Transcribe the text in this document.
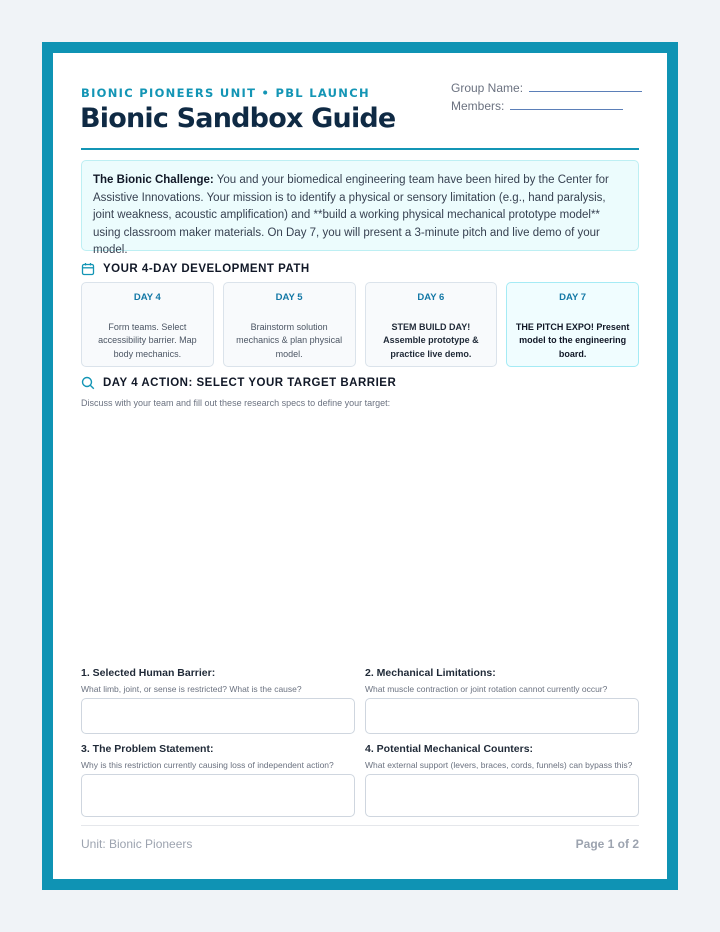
BIONIC PIONEERS UNIT • PBL LAUNCH
Bionic Sandbox Guide
Group Name:
Members:
The Bionic Challenge: You and your biomedical engineering team have been hired by the Center for Assistive Innovations. Your mission is to identify a physical or sensory limitation (e.g., hand paralysis, joint weakness, acoustic amplification) and **build a working physical mechanical prototype model** using classroom maker materials. On Day 7, you will present a 3-minute pitch and live demo of your model.
YOUR 4-DAY DEVELOPMENT PATH
DAY 4
Form teams. Select accessibility barrier. Map body mechanics.
DAY 5
Brainstorm solution mechanics & plan physical model.
DAY 6
STEM BUILD DAY! Assemble prototype & practice live demo.
DAY 7
THE PITCH EXPO! Present model to the engineering board.
DAY 4 ACTION: SELECT YOUR TARGET BARRIER
Discuss with your team and fill out these research specs to define your target:
1. Selected Human Barrier:
What limb, joint, or sense is restricted? What is the cause?
2. Mechanical Limitations:
What muscle contraction or joint rotation cannot currently occur?
3. The Problem Statement:
Why is this restriction currently causing loss of independent action?
4. Potential Mechanical Counters:
What external support (levers, braces, cords, funnels) can bypass this?
Unit: Bionic Pioneers	Page 1 of 2
